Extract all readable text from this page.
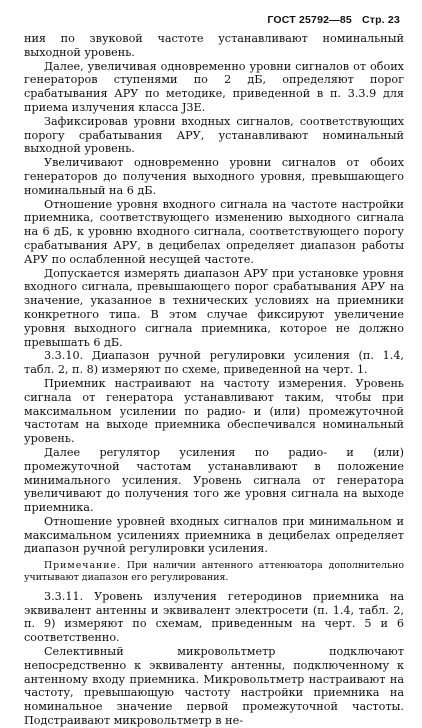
ГОСТ 25792—85 Стр. 23

ния по звуковой частоте устанавливают номинальный выходной уровень.

Далее, увеличивая одновременно уровни сигналов от обоих генераторов ступенями по 2 дБ, определяют порог срабатывания АРУ по методике, приведенной в п. 3.3.9 для приема излучения класса J3E.

Зафиксировав уровни входных сигналов, соответствующих порогу срабатывания АРУ, устанавливают номинальный выходной уровень.

Увеличивают одновременно уровни сигналов от обоих генераторов до получения выходного уровня, превышающего номинальный на 6 дБ.

Отношение уровня входного сигнала на частоте настройки приемника, соответствующего изменению выходного сигнала на 6 дБ, к уровню входного сигнала, соответствующего порогу срабатывания АРУ, в децибелах определяет диапазон работы АРУ по ослабленной несущей частоте.

Допускается измерять диапазон АРУ при установке уровня входного сигнала, превышающего порог срабатывания АРУ на значение, указанное в технических условиях на приемники конкретного типа. В этом случае фиксируют увеличение уровня выходного сигнала приемника, которое не должно превышать 6 дБ.

3.3.10. Диапазон ручной регулировки усиления (п. 1.4, табл. 2, п. 8) измеряют по схеме, приведенной на черт. 1.

Приемник настраивают на частоту измерения. Уровень сигнала от генератора устанавливают таким, чтобы при максимальном усилении по радио- и (или) промежуточной частотам на выходе приемника обеспечивался номинальный уровень.

Далее регулятор усиления по радио- и (или) промежуточной частотам устанавливают в положение минимального усиления. Уровень сигнала от генератора увеличивают до получения того же уровня сигнала на выходе приемника.

Отношение уровней входных сигналов при минимальном и максимальном усилениях приемника в децибелах определяет диапазон ручной регулировки усиления.

Примечание. При наличии антенного аттенюатора дополнительно учитывают диапазон его регулирования.

3.3.11. Уровень излучения гетеродинов приемника на эквивалент антенны и эквивалент электросети (п. 1.4, табл. 2, п. 9) измеряют по схемам, приведенным на черт. 5 и 6 соответственно.

Селективный микровольтметр подключают непосредственно к эквиваленту антенны, подключенному к антенному входу приемника. Микровольтметр настраивают на частоту, превышающую частоту настройки приемника на номинальное значение первой промежуточной частоты. Подстраивают микровольтметр в не-
